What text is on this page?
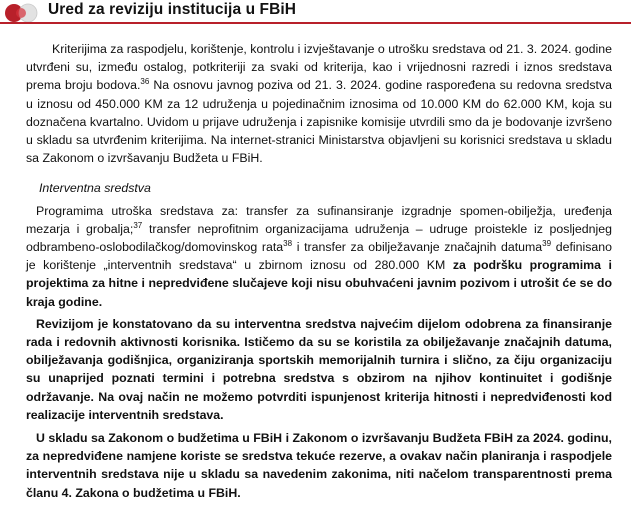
Ured za reviziju institucija u FBiH

Kriterijima za raspodjelu, korištenje, kontrolu i izvještavanje o utrošku sredstava od 21. 3. 2024. godine utvrđeni su, između ostalog, potkriteriji za svaki od kriterija, kao i vrijednosni razredi i iznos sredstava prema broju bodova.$^{36}$ Na osnovu javnog poziva od 21. 3. 2024. godine raspoređena su redovna sredstva u iznosu od 450.000 KM za 12 udruženja u pojedinačnim iznosima od 10.000 KM do 62.000 KM, koja su doznačena kvartalno. Uvidom u prijave udruženja i zapisnike komisije utvrdili smo da je bodovanje izvršeno u skladu sa utvrđenim kriterijima. Na internet-stranici Ministarstva objavljeni su korisnici sredstava u skladu sa Zakonom o izvršavanju Budžeta u FBiH.

Interventna sredstva

Programima utroška sredstava za: transfer za sufinansiranje izgradnje spomen-obilježja, uređenja mezarja i grobalja;$^{37}$ transfer neprofitnim organizacijama udruženja – udruge proistekle iz posljednjeg odbrambeno-oslobodilačkog/domovinskog rata$^{38}$ i transfer za obilježavanje značajnih datuma$^{39}$ definisano je korištenje „interventnih sredstava“ u zbirnom iznosu od 280.000 KM za podršku programima i projektima za hitne i nepredviđene slučajeve koji nisu obuhvaćeni javnim pozivom i utrošit će se do kraja godine.

Revizijom je konstatovano da su interventna sredstva najvećim dijelom odobrena za finansiranje rada i redovnih aktivnosti korisnika. Ističemo da su se koristila za obilježavanje značajnih datuma, obilježavanja godišnjica, organiziranja sportskih memorijalnih turnira i slično, za čiju organizaciju su unaprijed poznati termini i potrebna sredstva s obzirom na njihov kontinuitet i godišnje održavanje. Na ovaj način ne možemo potvrditi ispunjenost kriterija hitnosti i nepredviđenosti kod realizacije interventnih sredstava.

U skladu sa Zakonom o budžetima u FBiH i Zakonom o izvršavanju Budžeta FBiH za 2024. godinu, za nepredviđene namjene koriste se sredstva tekuće rezerve, a ovakav način planiranja i raspodjele interventnih sredstava nije u skladu sa navedenim zakonima, niti načelom transparentnosti prema članu 4. Zakona o budžetima u FBiH.
